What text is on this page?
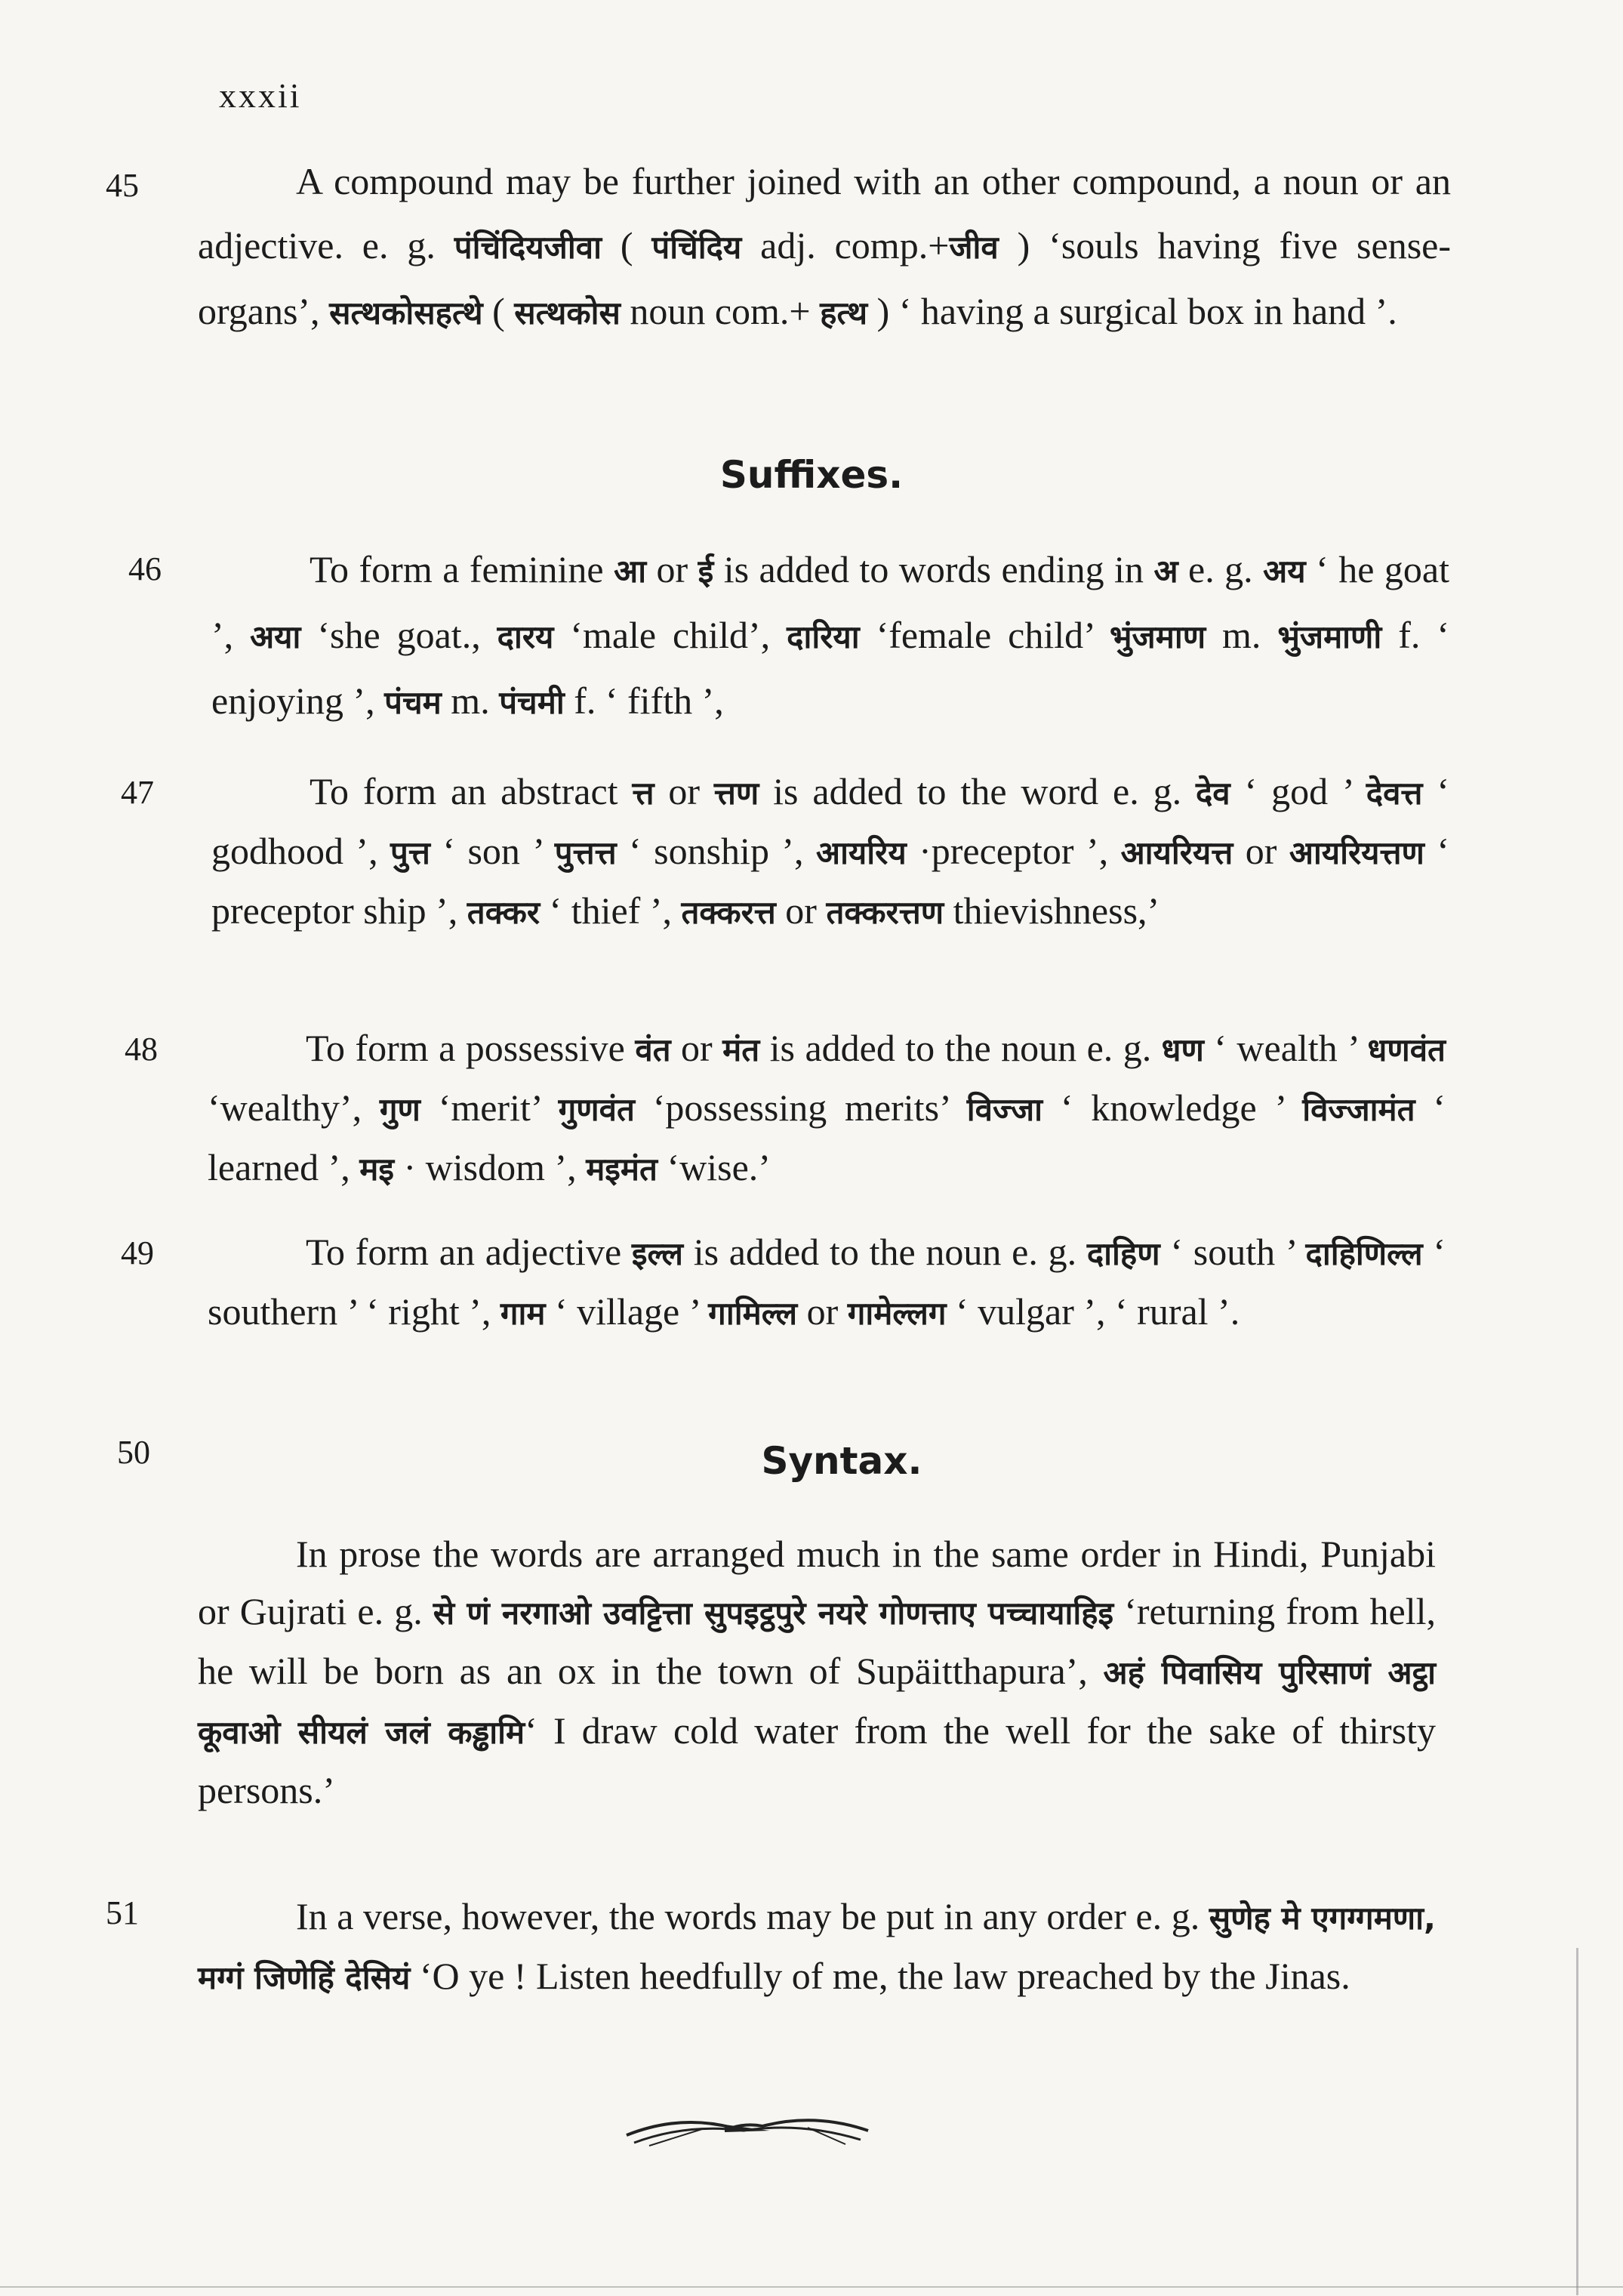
xxxii
45	A compound may be further joined with an other compound, a noun or an adjective. e. g. पंचिंदियजीवा ( पंचिंदिय adj. comp.+जीव ) ‘souls having five sense-organs’, सत्थकोसहत्थे ( सत्थकोस noun com.+ हत्थ ) ‘ having a surgical box in hand ’.

Suffixes.
46	To form a feminine आ or ई is added to words ending in अ e. g. अय ‘ he goat ’, अया ‘she goat., दारय ‘male child’, दारिया ‘female child’ भुंजमाण m. भुंजमाणी f. ‘ enjoying ’, पंचम m. पंचमी f. ‘ fifth ’,

47	To form an abstract त्त or त्तण is added to the word e. g. देव ‘ god ’ देवत्त ‘ godhood ’, पुत्त ‘ son ’ पुत्तत्त ‘ sonship ’, आयरिय ·preceptor ’, आयरियत्त or आयरियत्तण ‘ preceptor ship ’, तक्कर ‘ thief ’, तक्करत्त or तक्करत्तण thievishness,’

48	To form a possessive वंत or मंत is added to the noun e. g. धण ‘ wealth ’ धणवंत ‘wealthy’, गुण ‘merit’ गुणवंत ‘possessing merits’ विज्जा ‘ knowledge ’ विज्जामंत ‘ learned ’, मइ · wisdom ’, मइमंत ‘wise.’

49	To form an adjective इल्ल is added to the noun e. g. दाहिण ‘ south ’ दाहिणिल्ल ‘ southern ’ ‘ right ’, गाम ‘ village ’ गामिल्ल or गामेल्लग ‘ vulgar ’, ‘ rural ’.

50	Syntax.

In prose the words are arranged much in the same order in Hindi, Punjabi or Gujrati e. g. से णं नरगाओ उवट्टित्ता सुपइट्ठपुरे नयरे गोणत्ताए पच्चायाहिइ ‘returning from hell, he will be born as an ox in the town of Supäitthapura’, अहं पिवासिय पुरिसाणं अट्ठा कूवाओ सीयलं जलं कड्ढामि‘ I draw cold water from the well for the sake of thirsty persons.’

51	In a verse, however, the words may be put in any order e. g. सुणेह मे एगग्गमणा, मग्गं जिणेहिं देसियं ‘O ye ! Listen heedfully of me, the law preached by the Jinas.
